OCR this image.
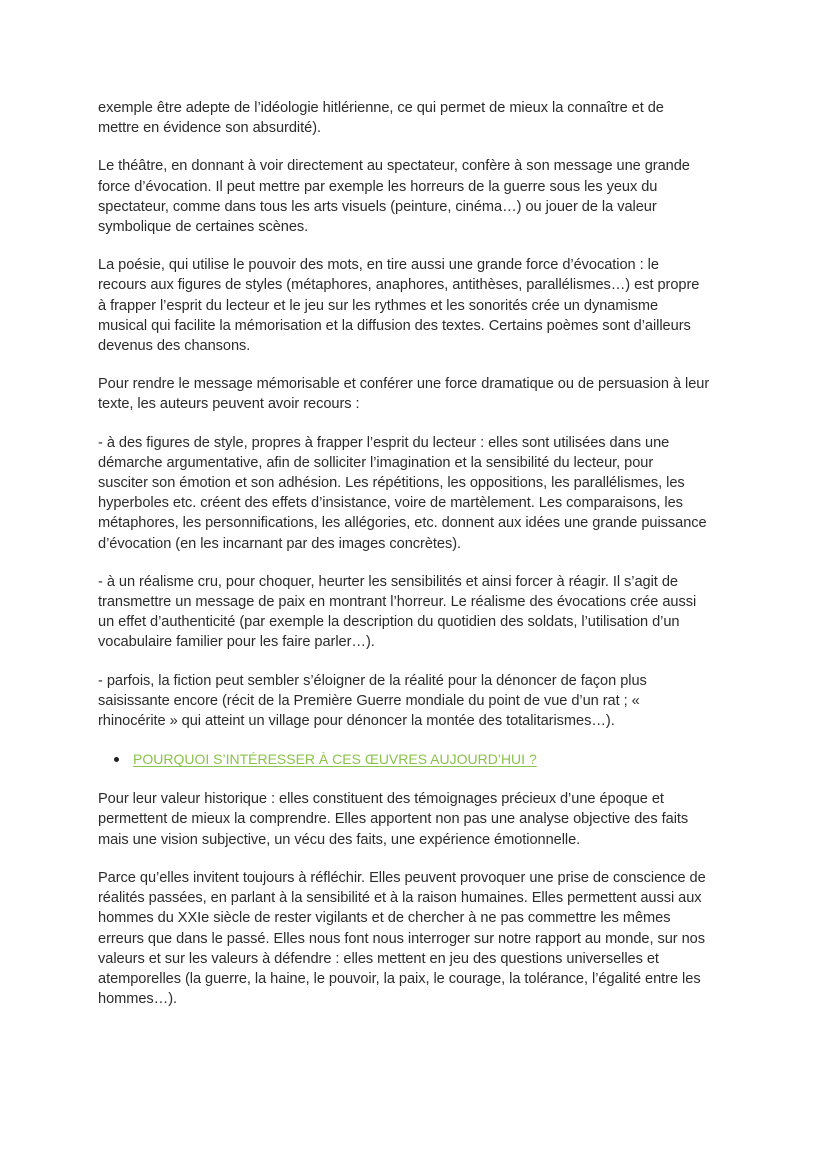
exemple être adepte de l’idéologie hitlérienne, ce qui permet de mieux la connaître et de
mettre en évidence son absurdité).

Le théâtre, en donnant à voir directement au spectateur, confère à son message une grande
force d’évocation. Il peut mettre par exemple les horreurs de la guerre sous les yeux du
spectateur, comme dans tous les arts visuels (peinture, cinéma…) ou jouer de la valeur
symbolique de certaines scènes.

La poésie, qui utilise le pouvoir des mots, en tire aussi une grande force d’évocation : le
recours aux figures de styles (métaphores, anaphores, antithèses, parallélismes…) est propre
à frapper l’esprit du lecteur et le jeu sur les rythmes et les sonorités crée un dynamisme
musical qui facilite la mémorisation et la diffusion des textes. Certains poèmes sont d’ailleurs
devenus des chansons.

Pour rendre le message mémorisable et conférer une force dramatique ou de persuasion à leur
texte, les auteurs peuvent avoir recours :

- à des figures de style, propres à frapper l’esprit du lecteur : elles sont utilisées dans une
démarche argumentative, afin de solliciter l’imagination et la sensibilité du lecteur, pour
susciter son émotion et son adhésion. Les répétitions, les oppositions, les parallélismes, les
hyperboles etc. créent des effets d’insistance, voire de martèlement. Les comparaisons, les
métaphores, les personnifications, les allégories, etc. donnent aux idées une grande puissance
d’évocation (en les incarnant par des images concrètes).

- à un réalisme cru, pour choquer, heurter les sensibilités et ainsi forcer à réagir. Il s’agit de
transmettre un message de paix en montrant l’horreur. Le réalisme des évocations crée aussi
un effet d’authenticité (par exemple la description du quotidien des soldats, l’utilisation d’un
vocabulaire familier pour les faire parler…).

- parfois, la fiction peut sembler s’éloigner de la réalité pour la dénoncer de façon plus
saisissante encore (récit de la Première Guerre mondiale du point de vue d’un rat ; «
rhinocérite » qui atteint un village pour dénoncer la montée des totalitarismes…).

POURQUOI S’INTÉRESSER À CES ŒUVRES AUJOURD’HUI ?

Pour leur valeur historique : elles constituent des témoignages précieux d’une époque et
permettent de mieux la comprendre. Elles apportent non pas une analyse objective des faits
mais une vision subjective, un vécu des faits, une expérience émotionnelle.

Parce qu’elles invitent toujours à réfléchir. Elles peuvent provoquer une prise de conscience de
réalités passées, en parlant à la sensibilité et à la raison humaines. Elles permettent aussi aux
hommes du XXIe siècle de rester vigilants et de chercher à ne pas commettre les mêmes
erreurs que dans le passé. Elles nous font nous interroger sur notre rapport au monde, sur nos
valeurs et sur les valeurs à défendre : elles mettent en jeu des questions universelles et
atemporelles (la guerre, la haine, le pouvoir, la paix, le courage, la tolérance, l’égalité entre les
hommes…).
